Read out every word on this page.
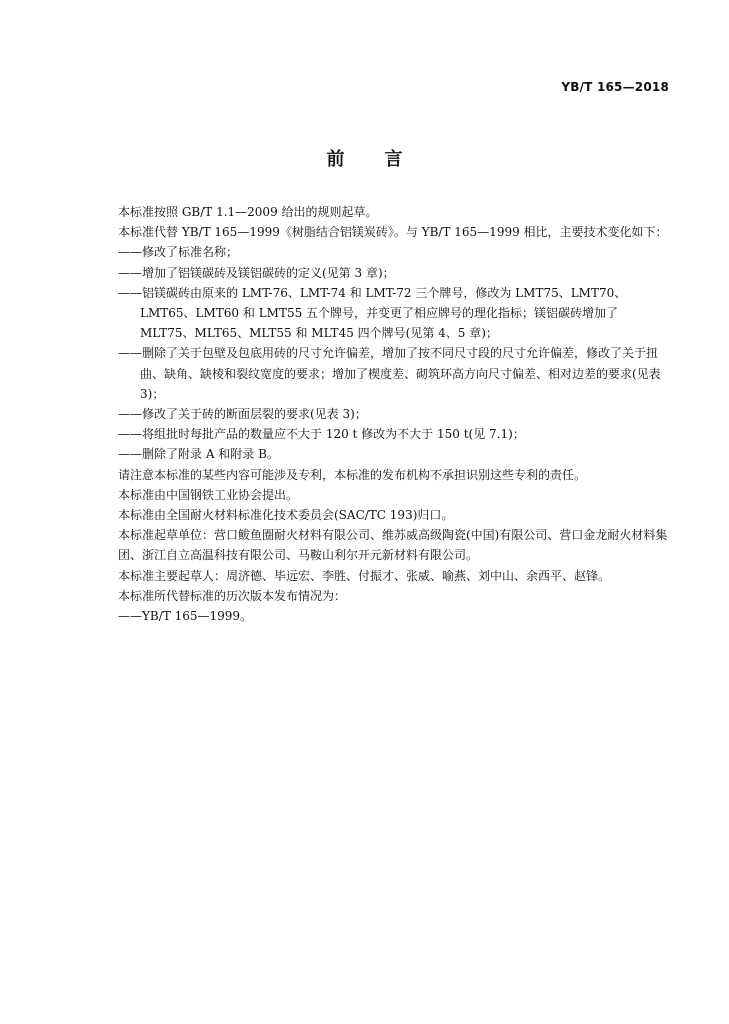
YB/T 165—2018
前言

本标准按照 GB/T 1.1—2009 给出的规则起草。

本标准代替 YB/T 165—1999《树脂结合铝镁炭砖》。与 YB/T 165—1999 相比，主要技术变化如下：

——修改了标准名称；

——增加了铝镁碳砖及镁铝碳砖的定义(见第 3 章)；

——铝镁碳砖由原来的 LMT-76、LMT-74 和 LMT-72 三个牌号，修改为 LMT75、LMT70、LMT65、LMT60 和 LMT55 五个牌号，并变更了相应牌号的理化指标；镁铝碳砖增加了 MLT75、MLT65、MLT55 和 MLT45 四个牌号(见第 4、5 章)；

——删除了关于包壁及包底用砖的尺寸允许偏差，增加了按不同尺寸段的尺寸允许偏差，修改了关于扭曲、缺角、缺棱和裂纹宽度的要求；增加了楔度差、砌筑环高方向尺寸偏差、相对边差的要求(见表 3)；

——修改了关于砖的断面层裂的要求(见表 3)；

——将组批时每批产品的数量应不大于 120 t 修改为不大于 150 t(见 7.1)；

——删除了附录 A 和附录 B。

请注意本标准的某些内容可能涉及专利，本标准的发布机构不承担识别这些专利的责任。

本标准由中国钢铁工业协会提出。

本标准由全国耐火材料标准化技术委员会(SAC/TC 193)归口。

本标准起草单位：营口鲅鱼圈耐火材料有限公司、维苏威高级陶瓷(中国)有限公司、营口金龙耐火材料集团、浙江自立高温科技有限公司、马鞍山利尔开元新材料有限公司。

本标准主要起草人：周济德、毕远宏、李胜、付振才、张威、喻燕、刘中山、余西平、赵锋。

本标准所代替标准的历次版本发布情况为：

——YB/T 165—1999。
